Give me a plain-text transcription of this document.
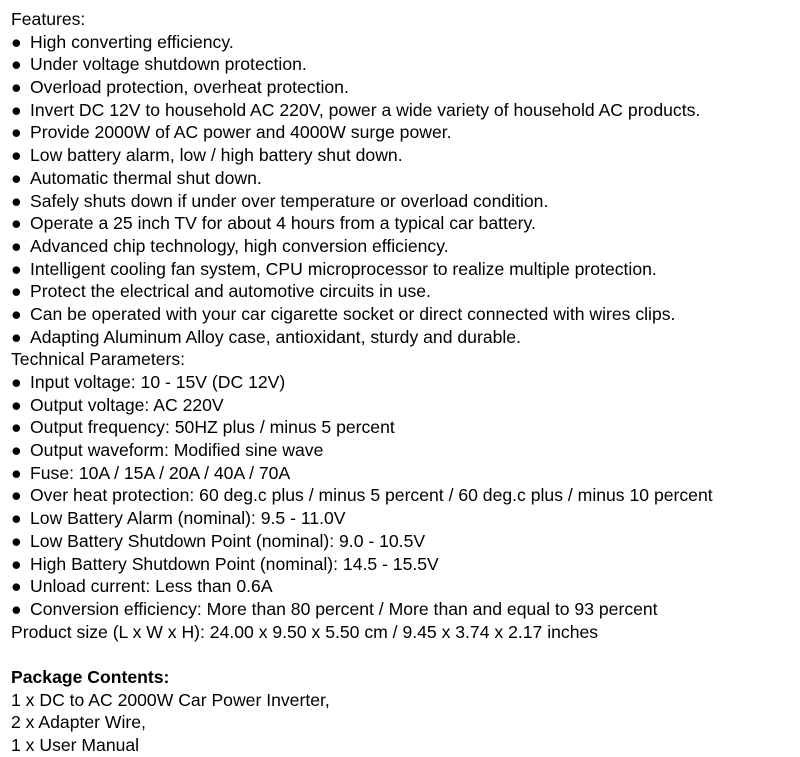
Features:
● High converting efficiency.
● Under voltage shutdown protection.
● Overload protection, overheat protection.
● Invert DC 12V to household AC 220V, power a wide variety of household AC products.
● Provide 2000W of AC power and 4000W surge power.
● Low battery alarm, low / high battery shut down.
● Automatic thermal shut down.
● Safely shuts down if under over temperature or overload condition.
● Operate a 25 inch TV for about 4 hours from a typical car battery.
● Advanced chip technology, high conversion efficiency.
● Intelligent cooling fan system, CPU microprocessor to realize multiple protection.
● Protect the electrical and automotive circuits in use.
● Can be operated with your car cigarette socket or direct connected with wires clips.
● Adapting Aluminum Alloy case, antioxidant, sturdy and durable.
Technical Parameters:
● Input voltage: 10 - 15V (DC 12V)
● Output voltage: AC 220V
● Output frequency: 50HZ plus / minus 5 percent
● Output waveform: Modified sine wave
● Fuse: 10A / 15A / 20A / 40A / 70A
● Over heat protection: 60 deg.c plus / minus 5 percent / 60 deg.c plus / minus 10 percent
● Low Battery Alarm (nominal): 9.5 - 11.0V
● Low Battery Shutdown Point (nominal): 9.0 - 10.5V
● High Battery Shutdown Point (nominal): 14.5 - 15.5V
● Unload current: Less than 0.6A
● Conversion efficiency: More than 80 percent / More than and equal to 93 percent
Product size (L x W x H): 24.00 x 9.50 x 5.50 cm / 9.45 x 3.74 x 2.17 inches
Package Contents:
1 x DC to AC 2000W Car Power Inverter,
2 x Adapter Wire,
1 x User Manual
